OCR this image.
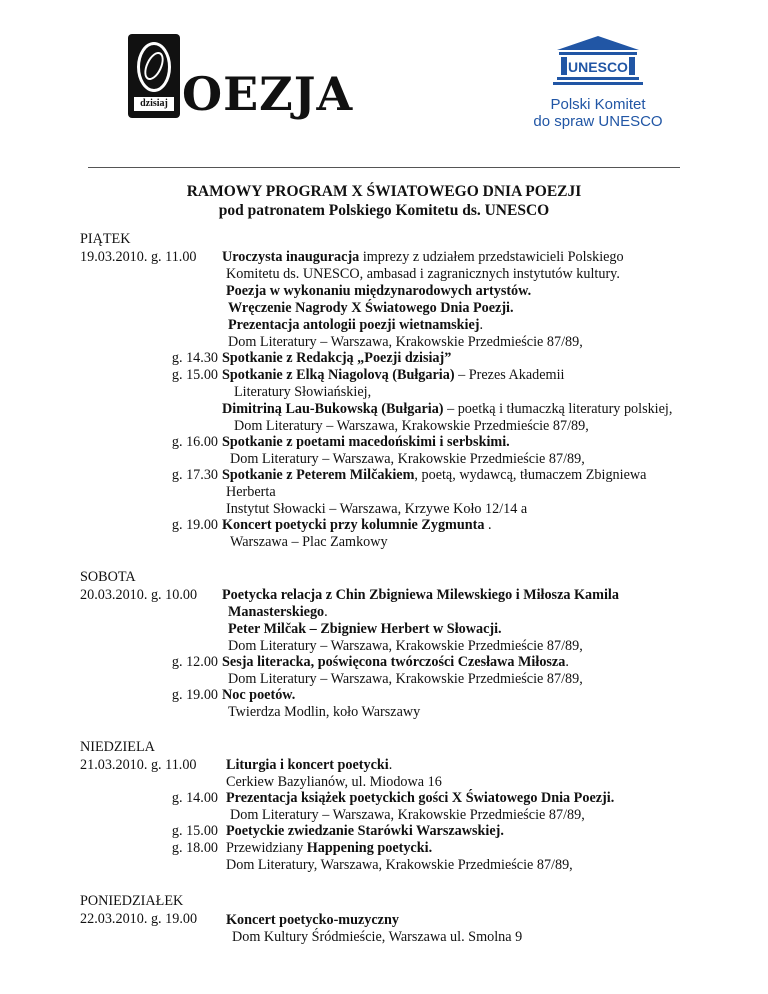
dzisiaj OEZJA	UNESCO
Polski Komitet
do spraw UNESCO
RAMOWY PROGRAM X ŚWIATOWEGO DNIA POEZJI
pod patronatem Polskiego Komitetu ds. UNESCO
PIĄTEK
19.03.2010. g. 11.00 Uroczysta inauguracja imprezy z udziałem przedstawicieli Polskiego
Komitetu ds. UNESCO, ambasad i zagranicznych instytutów kultury.
Poezja w wykonaniu międzynarodowych artystów.
Wręczenie Nagrody X Światowego Dnia Poezji.
Prezentacja antologii poezji wietnamskiej.
Dom Literatury – Warszawa, Krakowskie Przedmieście 87/89,
g. 14.30 Spotkanie z Redakcją „Poezji dzisiaj”
g. 15.00 Spotkanie z Elką Niagolovą (Bułgaria) – Prezes Akademii
Literatury Słowiańskiej,
Dimitriną Lau-Bukowską (Bułgaria) – poetką i tłumaczką literatury polskiej,
Dom Literatury – Warszawa, Krakowskie Przedmieście 87/89,
g. 16.00 Spotkanie z poetami macedońskimi i serbskimi.
Dom Literatury – Warszawa, Krakowskie Przedmieście 87/89,
g. 17.30 Spotkanie z Peterem Milčakiem, poetą, wydawcą, tłumaczem Zbigniewa
Herberta
Instytut Słowacki – Warszawa, Krzywe Koło 12/14 a
g. 19.00 Koncert poetycki przy kolumnie Zygmunta .
Warszawa – Plac Zamkowy
SOBOTA
20.03.2010. g. 10.00 Poetycka relacja z Chin Zbigniewa Milewskiego i Miłosza Kamila
Manasterskiego.
Peter Milčak – Zbigniew Herbert w Słowacji.
Dom Literatury – Warszawa, Krakowskie Przedmieście 87/89,
g. 12.00 Sesja literacka, poświęcona twórczości Czesława Miłosza.
Dom Literatury – Warszawa, Krakowskie Przedmieście 87/89,
g. 19.00 Noc poetów.
Twierdza Modlin, koło Warszawy
NIEDZIELA
21.03.2010. g. 11.00 Liturgia i koncert poetycki.
Cerkiew Bazylianów, ul. Miodowa 16
g. 14.00 Prezentacja książek poetyckich gości X Światowego Dnia Poezji.
Dom Literatury – Warszawa, Krakowskie Przedmieście 87/89,
g. 15.00 Poetyckie zwiedzanie Starówki Warszawskiej.
g. 18.00 Przewidziany Happening poetycki.
Dom Literatury, Warszawa, Krakowskie Przedmieście 87/89,
PONIEDZIAŁEK
22.03.2010. g. 19.00 Koncert poetycko-muzyczny
Dom Kultury Śródmieście, Warszawa ul. Smolna 9
